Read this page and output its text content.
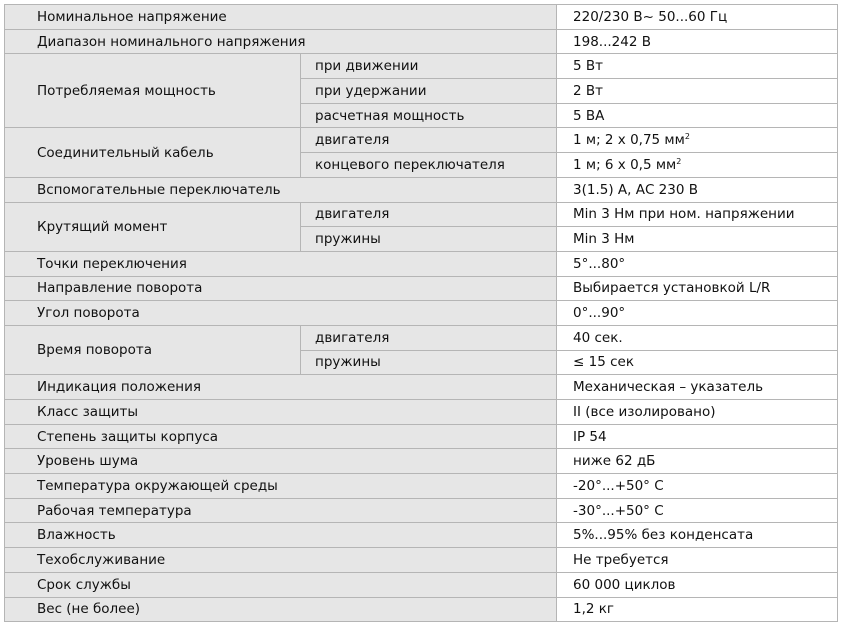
Номинальное напряжение		220/230 В~ 50...60 Гц
Диапазон номинального напряжения		198...242 В
Потребляемая мощность	при движении	5 Вт
	при удержании	2 Вт
	расчетная мощность	5 ВА
Соединительный кабель	двигателя	1 м; 2 х 0,75 $мм^2$
	концевого переключателя	1 м; 6 х 0,5 $мм^2$
Вспомогательные переключатель		3(1.5) А, АС 230 В
Крутящий момент	двигателя	Min 3 Нм при ном. напряжении
	пружины	Min 3 Нм
Точки переключения		5°...80°
Направление поворота		Выбирается установкой L/R
Угол поворота		0°...90°
Время поворота	двигателя	40 сек.
	пружины	≤ 15 сек
Индикация положения		Механическая – указатель
Класс защиты		II (все изолировано)
Степень защиты корпуса		IP 54
Уровень шума		ниже 62 дБ
Температура окружающей среды		-20°...+50° С
Рабочая температура		-30°...+50° С
Влажность		5%...95% без конденсата
Техобслуживание		Не требуется
Срок службы		60 000 циклов
Вес (не более)		1,2 кг
